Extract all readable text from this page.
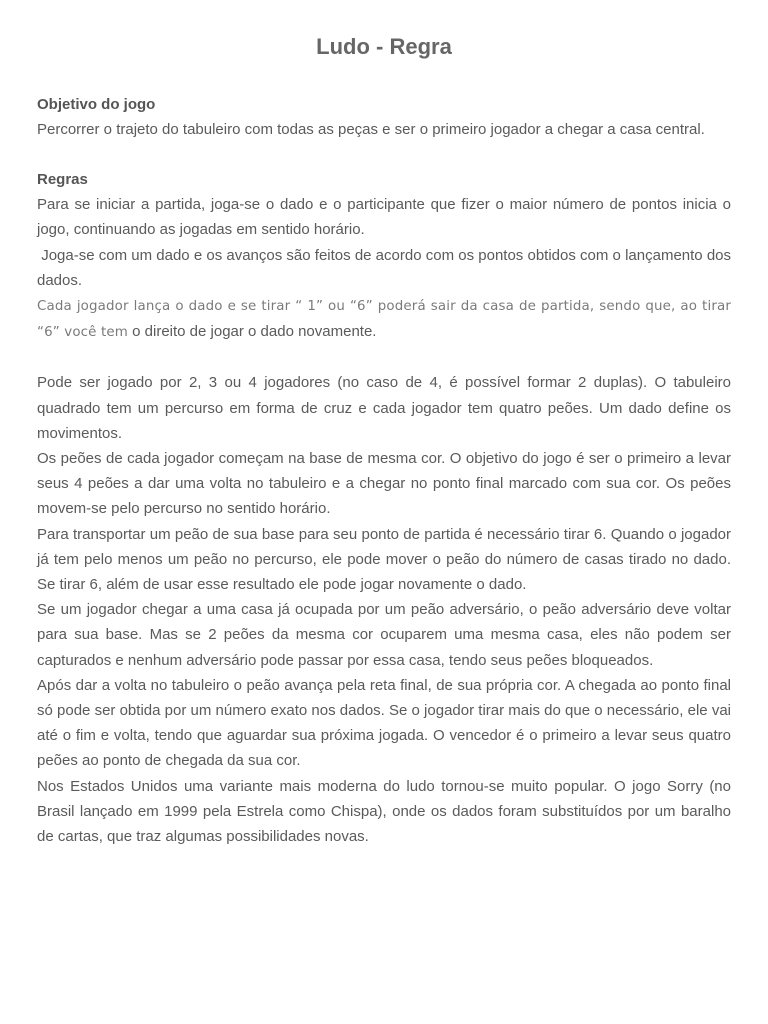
Ludo - Regra
Objetivo do jogo

Percorrer o trajeto do tabuleiro com todas as peças e ser o primeiro jogador a chegar a casa central.

Regras

Para se iniciar a partida, joga-se o dado e o participante que fizer o maior número de pontos inicia o jogo, continuando as jogadas em sentido horário.

Joga-se com um dado e os avanços são feitos de acordo com os pontos obtidos com o lançamento dos dados.

Cada jogador lança o dado e se tirar “ 1” ou “6” poderá sair da casa de partida, sendo que, ao tirar “6” você tem o direito de jogar o dado novamente.

Pode ser jogado por 2, 3 ou 4 jogadores (no caso de 4, é possível formar 2 duplas). O tabuleiro quadrado tem um percurso em forma de cruz e cada jogador tem quatro peões. Um dado define os movimentos.

Os peões de cada jogador começam na base de mesma cor. O objetivo do jogo é ser o primeiro a levar seus 4 peões a dar uma volta no tabuleiro e a chegar no ponto final marcado com sua cor. Os peões movem-se pelo percurso no sentido horário.

Para transportar um peão de sua base para seu ponto de partida é necessário tirar 6. Quando o jogador já tem pelo menos um peão no percurso, ele pode mover o peão do número de casas tirado no dado. Se tirar 6, além de usar esse resultado ele pode jogar novamente o dado.

Se um jogador chegar a uma casa já ocupada por um peão adversário, o peão adversário deve voltar para sua base. Mas se 2 peões da mesma cor ocuparem uma mesma casa, eles não podem ser capturados e nenhum adversário pode passar por essa casa, tendo seus peões bloqueados.

Após dar a volta no tabuleiro o peão avança pela reta final, de sua própria cor. A chegada ao ponto final só pode ser obtida por um número exato nos dados. Se o jogador tirar mais do que o necessário, ele vai até o fim e volta, tendo que aguardar sua próxima jogada. O vencedor é o primeiro a levar seus quatro peões ao ponto de chegada da sua cor.

Nos Estados Unidos uma variante mais moderna do ludo tornou-se muito popular. O jogo Sorry (no Brasil lançado em 1999 pela Estrela como Chispa), onde os dados foram substituídos por um baralho de cartas, que traz algumas possibilidades novas.
